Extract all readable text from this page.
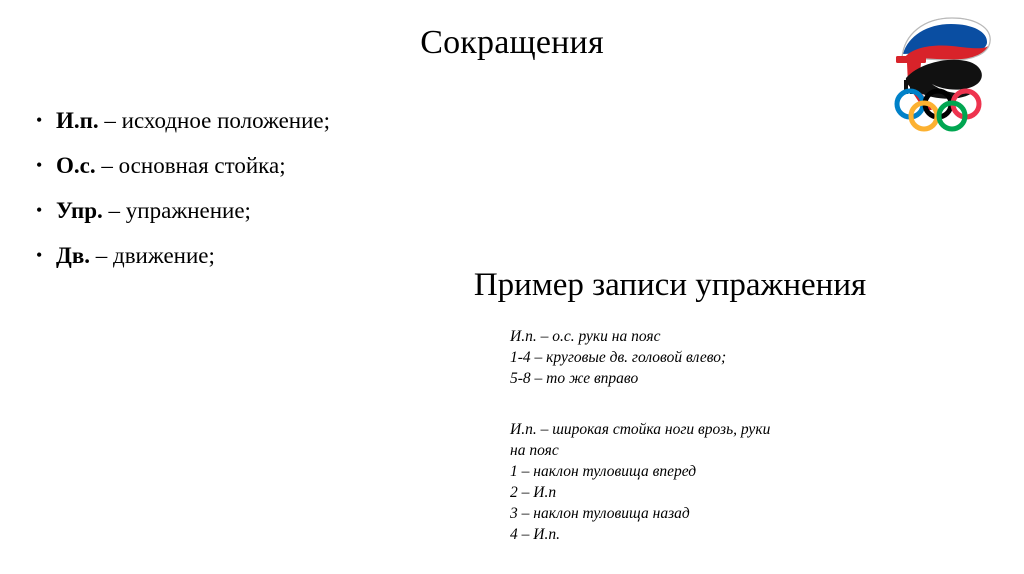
Сокращения
• И.п. – исходное положение;
• О.с. – основная стойка;
• Упр. – упражнение;
• Дв. – движение;
Пример записи упражнения
И.п. – о.с. руки на пояс
1-4 – круговые дв. головой влево;
5-8 – то же вправо
И.п. – широкая стойка ноги врозь, руки
на пояс
1 – наклон туловища вперед
2 – И.п
3 – наклон туловища назад
4 – И.п.
